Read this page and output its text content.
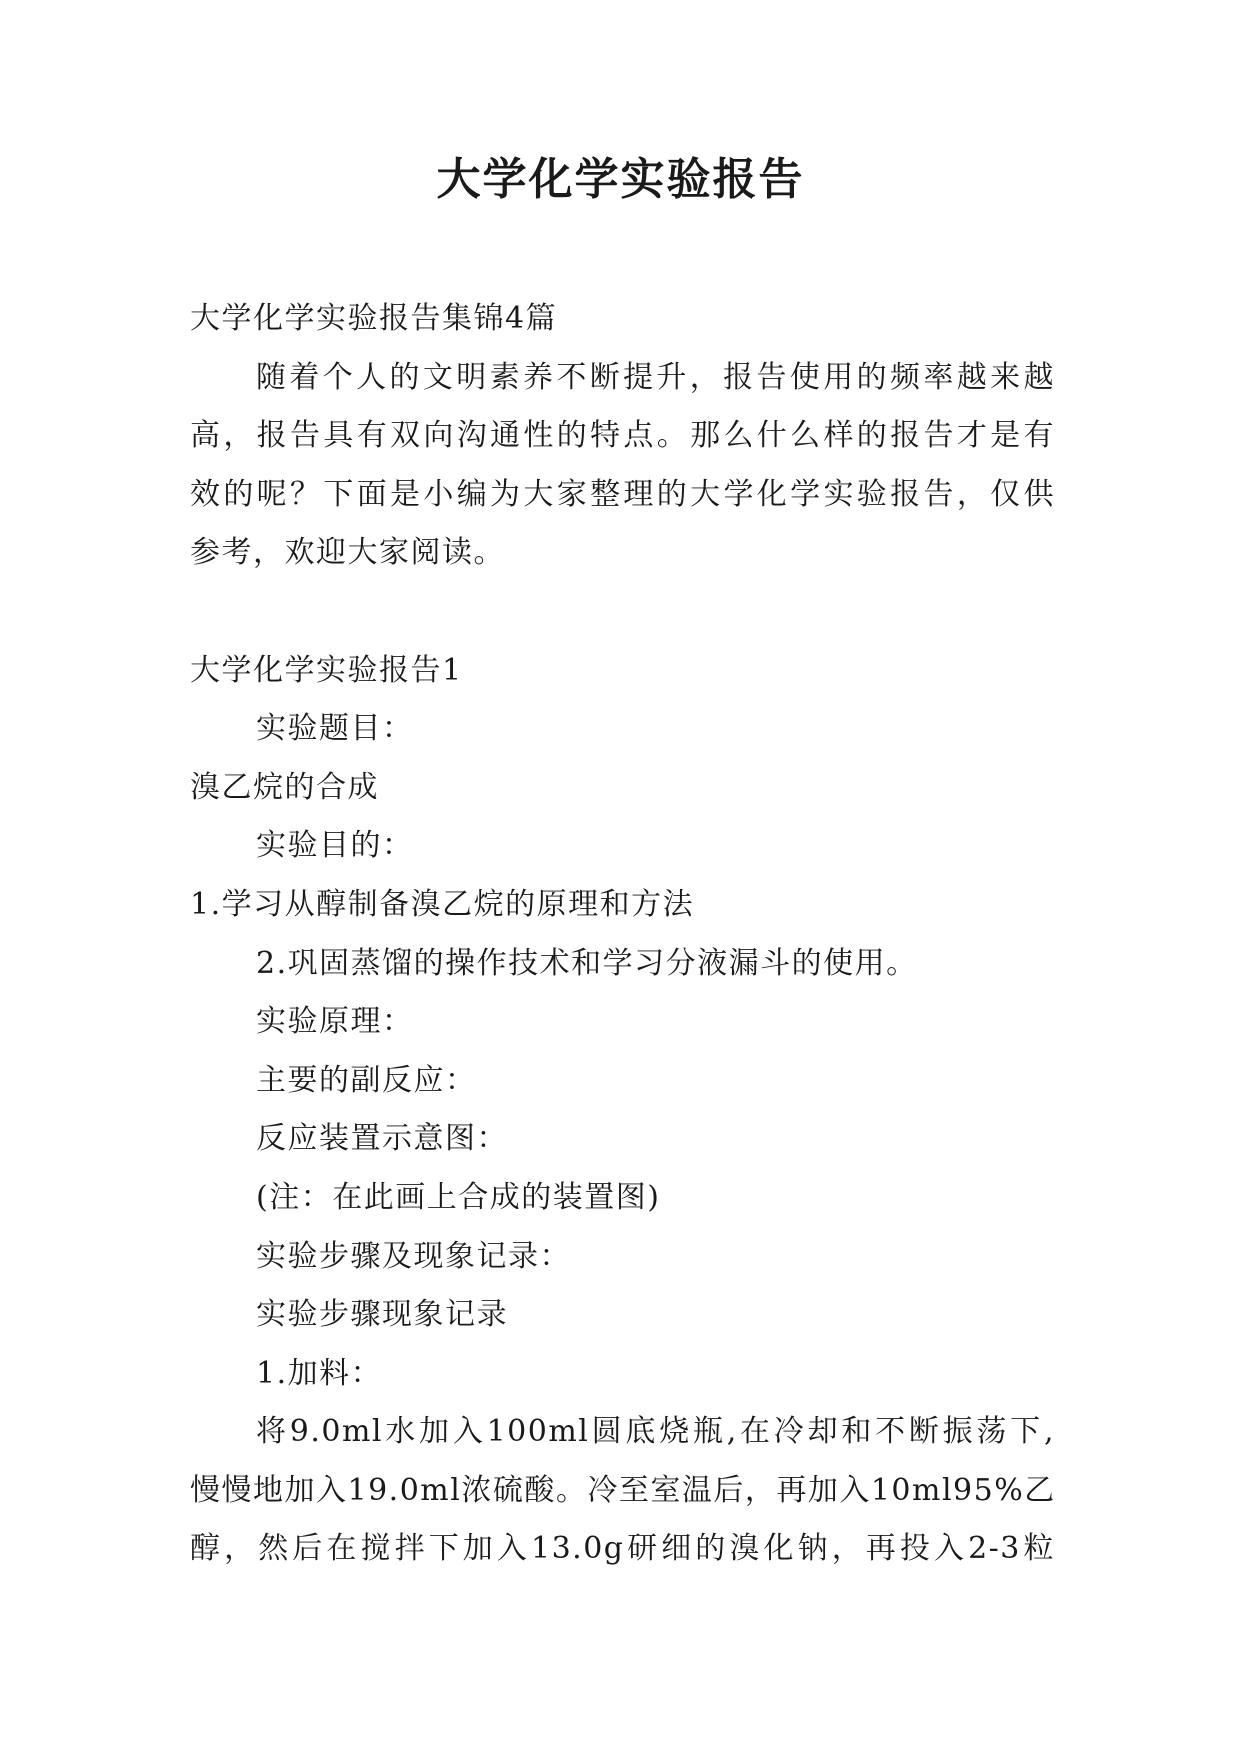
大学化学实验报告
大学化学实验报告集锦4篇
随着个人的文明素养不断提升，报告使用的频率越来越
高，报告具有双向沟通性的特点。那么什么样的报告才是有
效的呢？下面是小编为大家整理的大学化学实验报告，仅供
参考，欢迎大家阅读。
大学化学实验报告1
实验题目：
溴乙烷的合成
实验目的：
1.学习从醇制备溴乙烷的原理和方法
2.巩固蒸馏的操作技术和学习分液漏斗的使用。
实验原理：
主要的副反应：
反应装置示意图：
(注：在此画上合成的装置图)
实验步骤及现象记录：
实验步骤现象记录
1.加料：
将9.0ml水加入100ml圆底烧瓶,在冷却和不断振荡下,
慢慢地加入19.0ml浓硫酸。冷至室温后，再加入10ml95%乙
醇，然后在搅拌下加入13.0g研细的溴化钠，再投入2-3粒
